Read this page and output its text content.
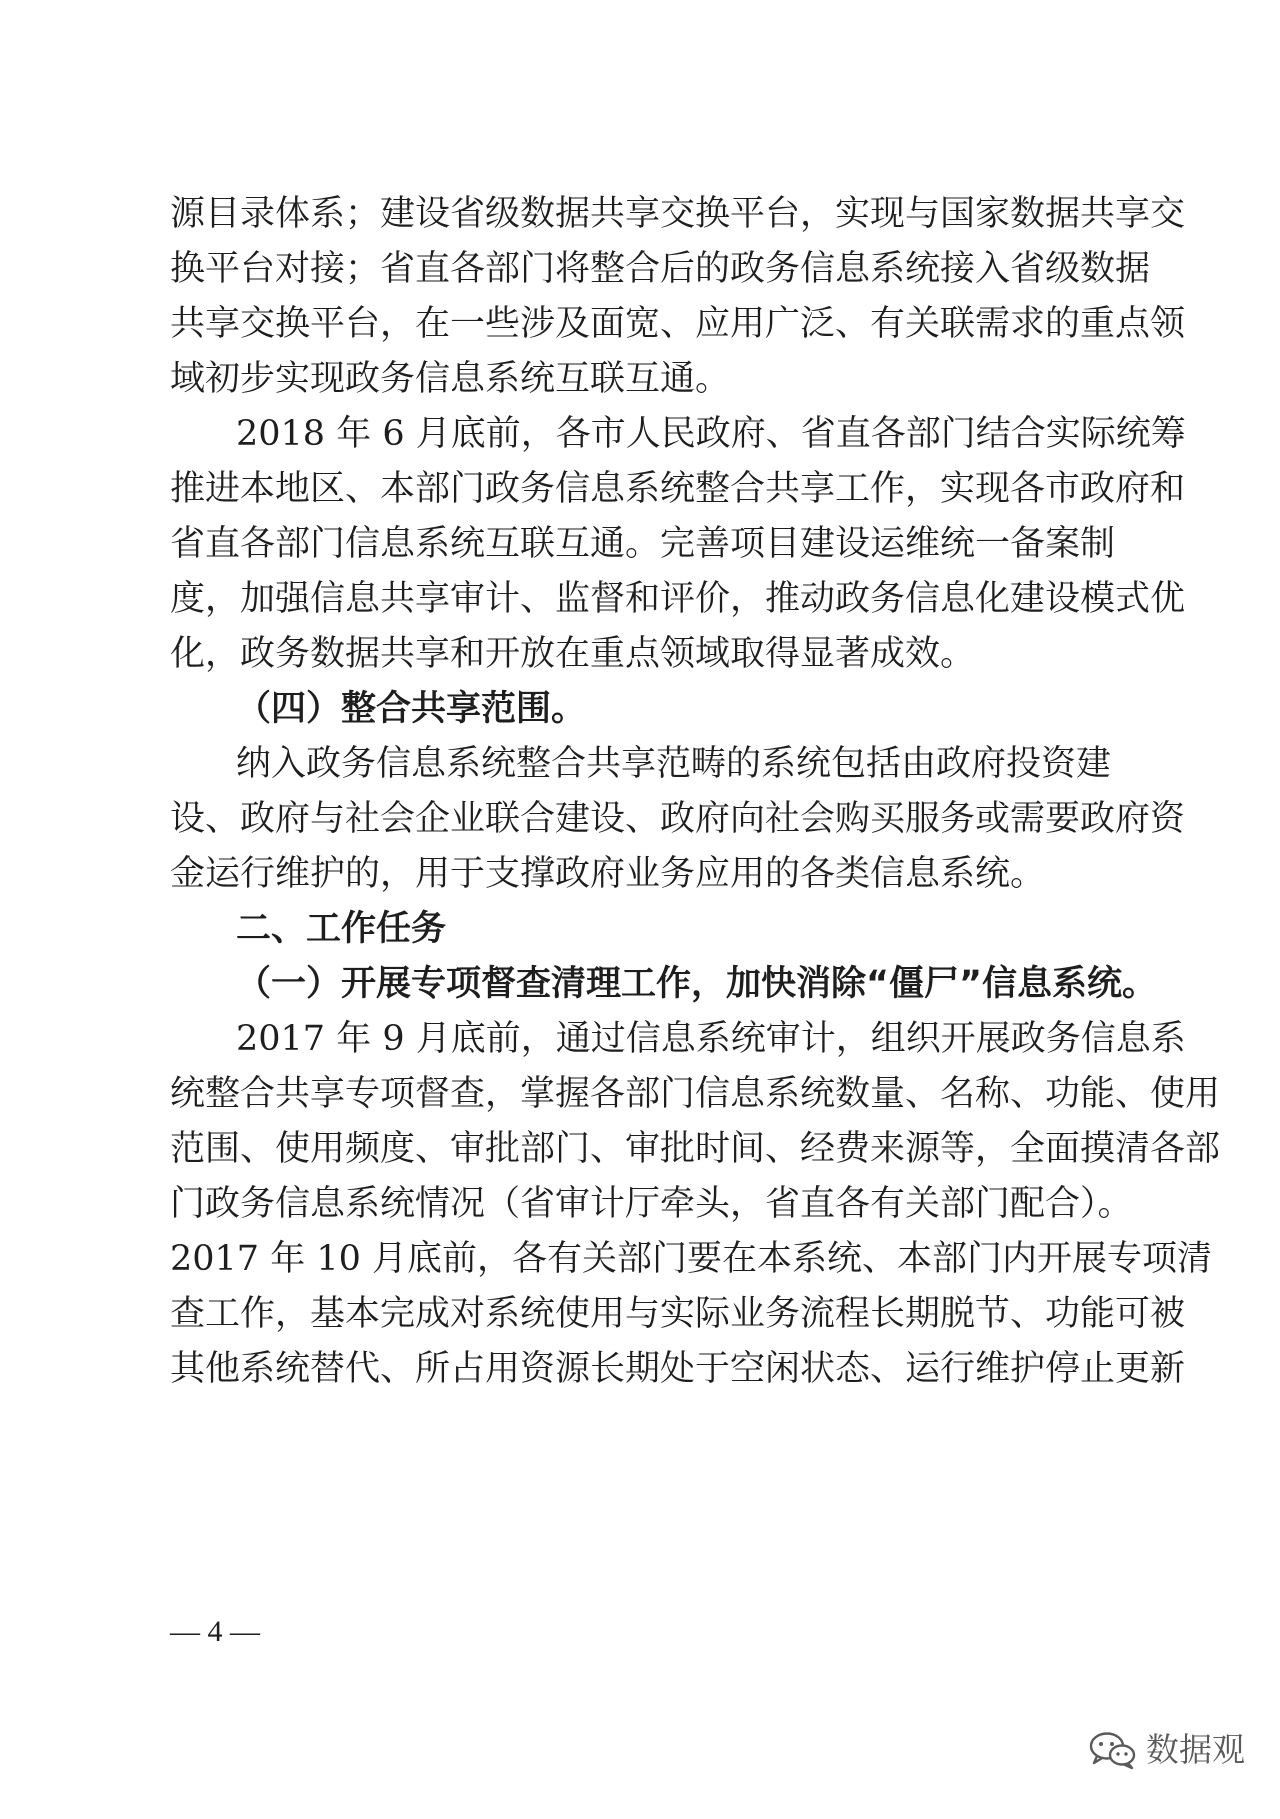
源目录体系；建设省级数据共享交换平台，实现与国家数据共享交
换平台对接；省直各部门将整合后的政务信息系统接入省级数据
共享交换平台，在一些涉及面宽、应用广泛、有关联需求的重点领
域初步实现政务信息系统互联互通。
2018 年 6 月底前，各市人民政府、省直各部门结合实际统筹
推进本地区、本部门政务信息系统整合共享工作，实现各市政府和
省直各部门信息系统互联互通。完善项目建设运维统一备案制
度，加强信息共享审计、监督和评价，推动政务信息化建设模式优
化，政务数据共享和开放在重点领域取得显著成效。
（四）整合共享范围。
纳入政务信息系统整合共享范畴的系统包括由政府投资建
设、政府与社会企业联合建设、政府向社会购买服务或需要政府资
金运行维护的，用于支撑政府业务应用的各类信息系统。
二、工作任务
（一）开展专项督查清理工作，加快消除“僵尸”信息系统。
2017 年 9 月底前，通过信息系统审计，组织开展政务信息系
统整合共享专项督查，掌握各部门信息系统数量、名称、功能、使用
范围、使用频度、审批部门、审批时间、经费来源等，全面摸清各部
门政务信息系统情况（省审计厅牵头，省直各有关部门配合）。
2017 年 10 月底前，各有关部门要在本系统、本部门内开展专项清
查工作，基本完成对系统使用与实际业务流程长期脱节、功能可被
其他系统替代、所占用资源长期处于空闲状态、运行维护停止更新
— 4 —
数据观
